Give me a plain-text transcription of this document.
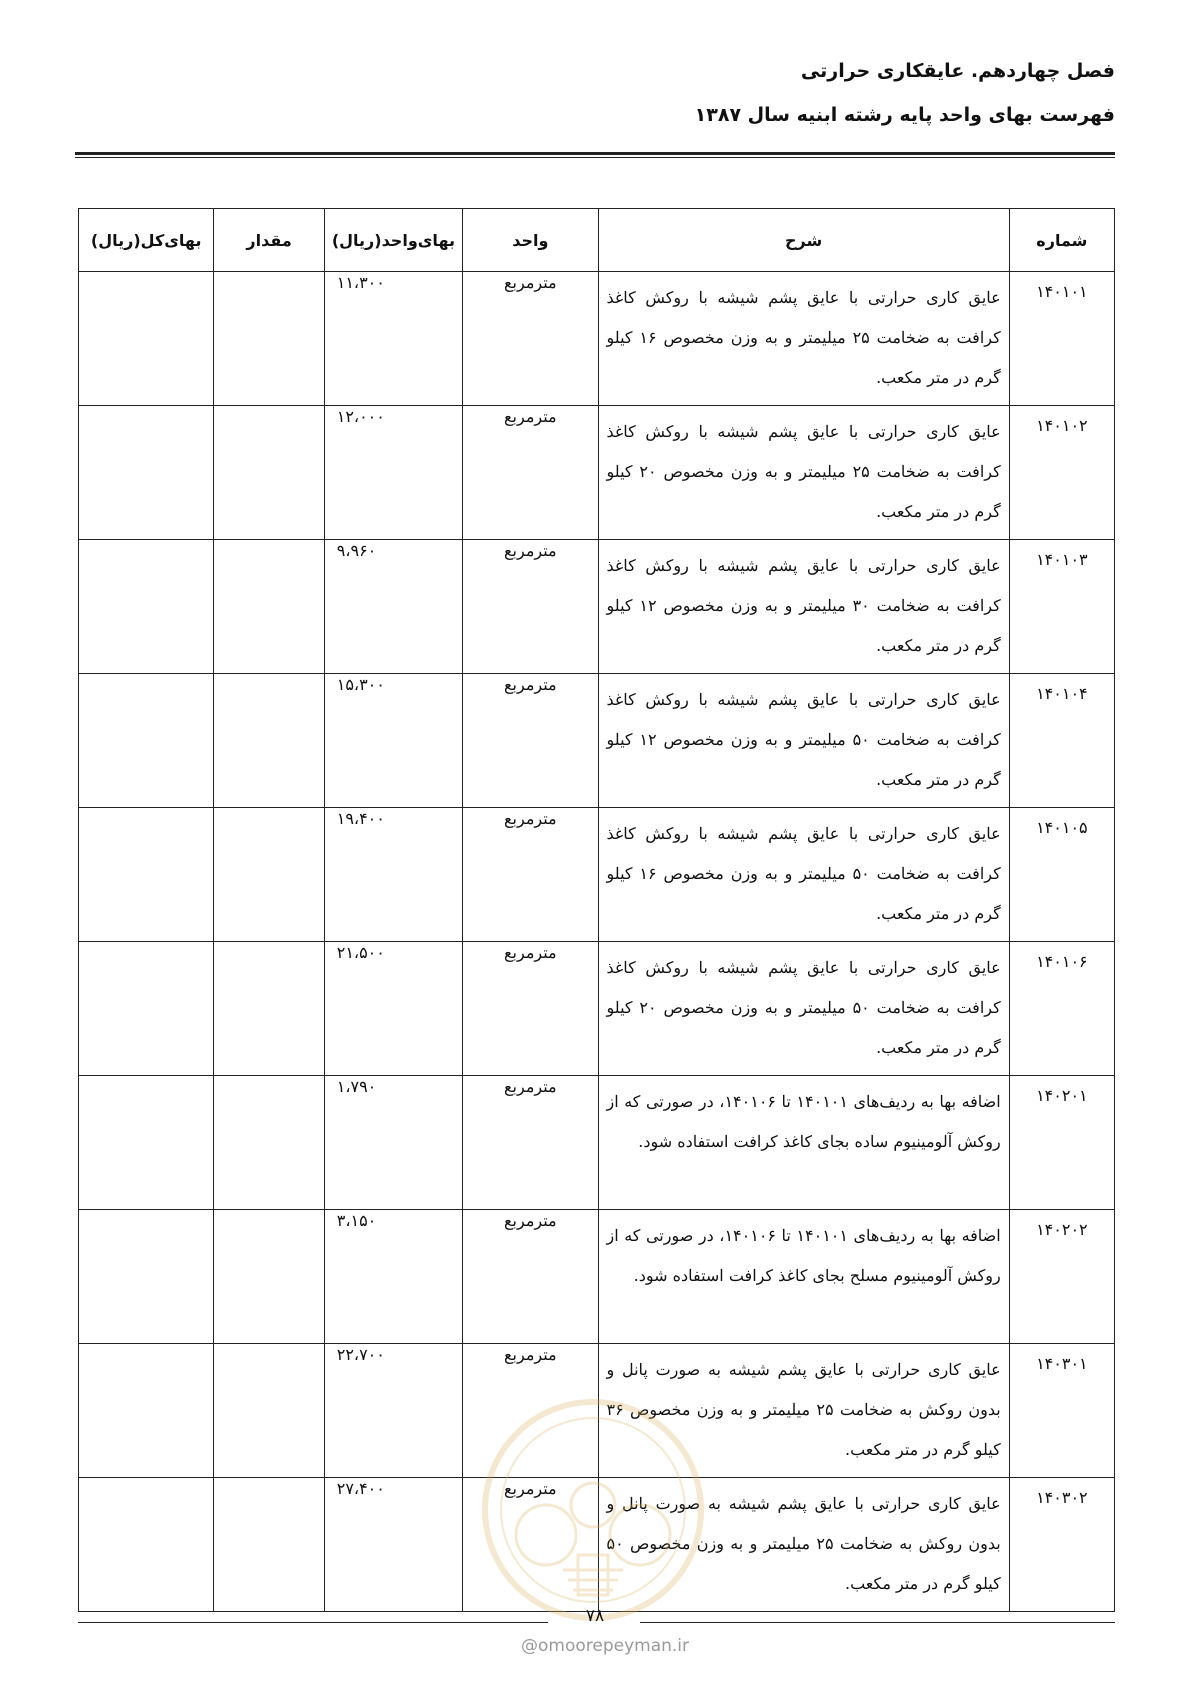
فصل چهاردهم. عایقکاری حرارتی
فهرست بهای واحد پایه رشته ابنیه سال ۱۳۸۷
شماره	شرح	واحد	بهای‌واحد(ریال)	مقدار	بهای‌کل(ریال)
۱۴۰۱۰۱	عایق کاری حرارتی با عایق پشم شیشه با روکش کاغذ کرافت به ضخامت ۲۵ میلیمتر و به وزن مخصوص ۱۶ کیلو گرم در متر مکعب.	مترمربع	۱۱،۳۰۰		
۱۴۰۱۰۲	عایق کاری حرارتی با عایق پشم شیشه با روکش کاغذ کرافت به ضخامت ۲۵ میلیمتر و به وزن مخصوص ۲۰ کیلو گرم در متر مکعب.	مترمربع	۱۲،۰۰۰		
۱۴۰۱۰۳	عایق کاری حرارتی با عایق پشم شیشه با روکش کاغذ کرافت به ضخامت ۳۰ میلیمتر و به وزن مخصوص ۱۲ کیلو گرم در متر مکعب.	مترمربع	۹،۹۶۰		
۱۴۰۱۰۴	عایق کاری حرارتی با عایق پشم شیشه با روکش کاغذ کرافت به ضخامت ۵۰ میلیمتر و به وزن مخصوص ۱۲ کیلو گرم در متر مکعب.	مترمربع	۱۵،۳۰۰		
۱۴۰۱۰۵	عایق کاری حرارتی با عایق پشم شیشه با روکش کاغذ کرافت به ضخامت ۵۰ میلیمتر و به وزن مخصوص ۱۶ کیلو گرم در متر مکعب.	مترمربع	۱۹،۴۰۰		
۱۴۰۱۰۶	عایق کاری حرارتی با عایق پشم شیشه با روکش کاغذ کرافت به ضخامت ۵۰ میلیمتر و به وزن مخصوص ۲۰ کیلو گرم در متر مکعب.	مترمربع	۲۱،۵۰۰		
۱۴۰۲۰۱	اضافه بها به ردیف‌های ۱۴۰۱۰۱ تا ۱۴۰۱۰۶، در صورتی که از روکش آلومینیوم ساده بجای کاغذ کرافت استفاده شود.	مترمربع	۱،۷۹۰		
۱۴۰۲۰۲	اضافه بها به ردیف‌های ۱۴۰۱۰۱ تا ۱۴۰۱۰۶، در صورتی که از روکش آلومینیوم مسلح بجای کاغذ کرافت استفاده شود.	مترمربع	۳،۱۵۰		
۱۴۰۳۰۱	عایق کاری حرارتی با عایق پشم شیشه به صورت پانل و بدون روکش به ضخامت ۲۵ میلیمتر و به وزن مخصوص ۳۶ کیلو گرم در متر مکعب.	مترمربع	۲۲،۷۰۰		
۱۴۰۳۰۲	عایق کاری حرارتی با عایق پشم شیشه به صورت پانل و بدون روکش به ضخامت ۲۵ میلیمتر و به وزن مخصوص ۵۰ کیلو گرم در متر مکعب.	مترمربع	۲۷،۴۰۰		
۷۸
@omoorepeyman.ir
